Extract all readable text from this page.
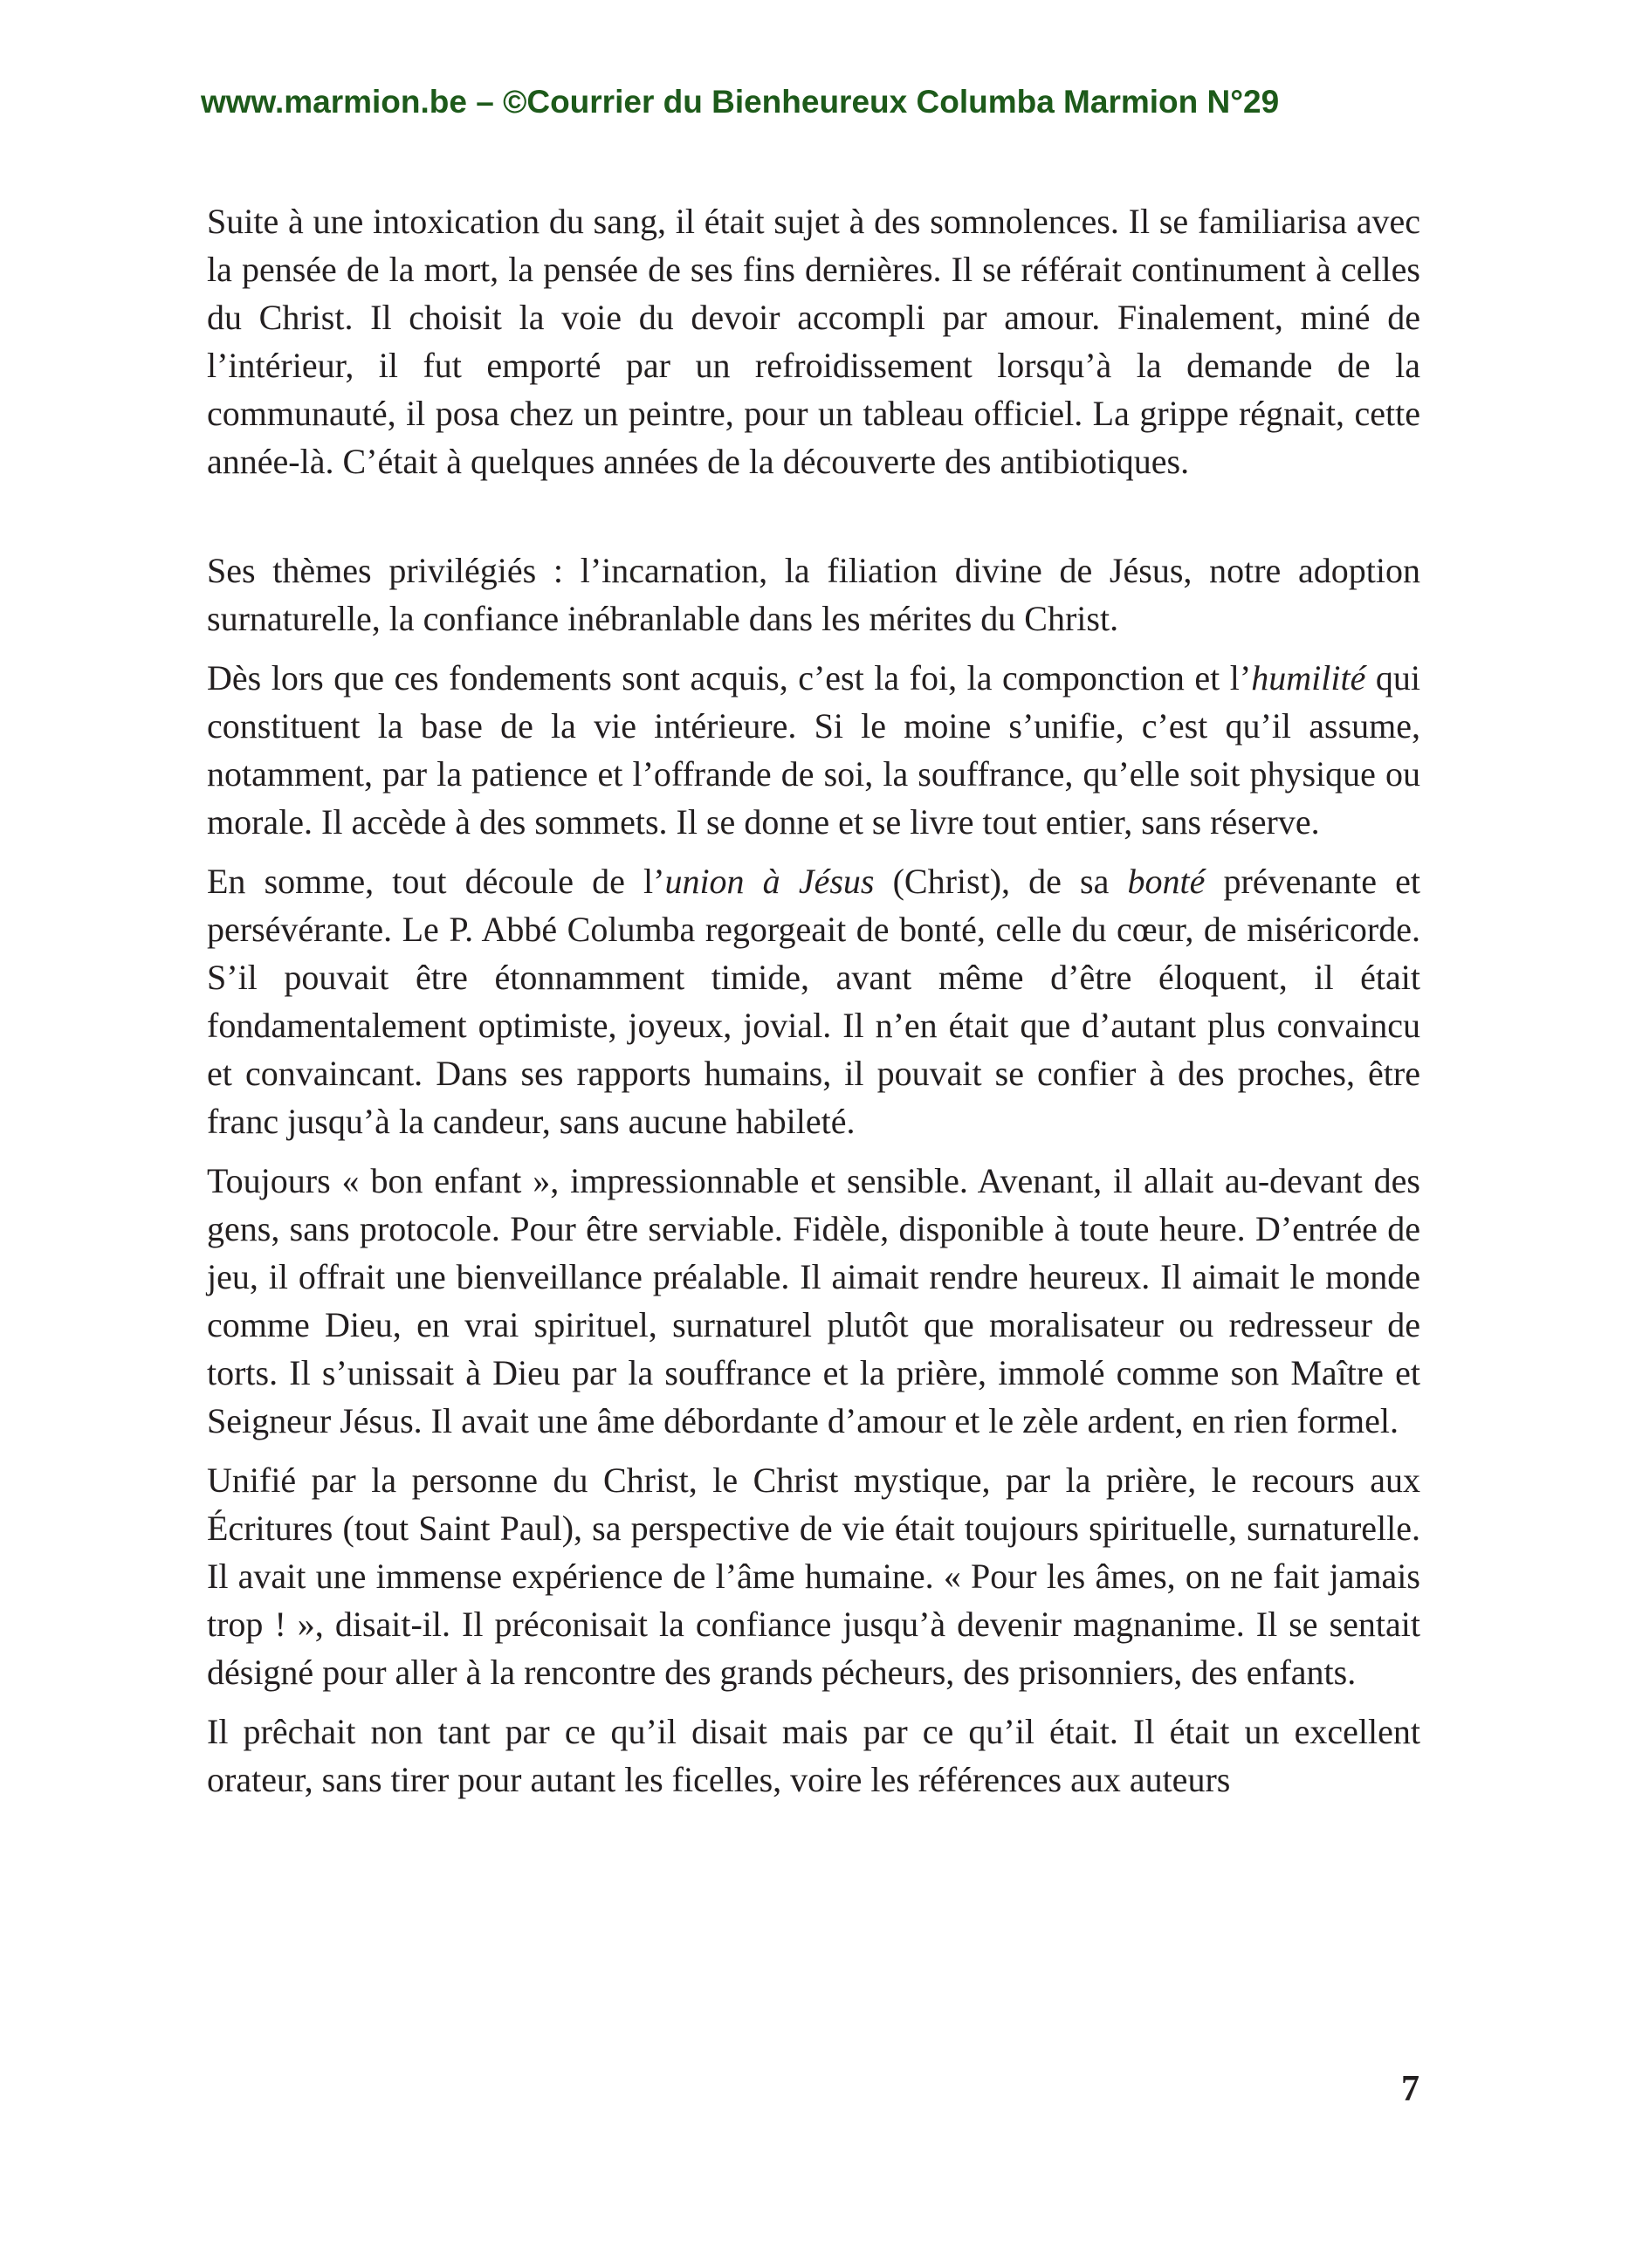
www.marmion.be – ©Courrier du Bienheureux Columba Marmion N°29

Suite à une intoxication du sang, il était sujet à des somnolences. Il se familiarisa avec la pensée de la mort, la pensée de ses fins dernières. Il se référait continument à celles du Christ. Il choisit la voie du devoir accompli par amour. Finalement, miné de l’intérieur, il fut emporté par un refroidissement lorsqu’à la demande de la communauté, il posa chez un peintre, pour un tableau officiel. La grippe régnait, cette année-là. C’était à quelques années de la découverte des antibiotiques.

Ses thèmes privilégiés : l’incarnation, la filiation divine de Jésus, notre adoption surnaturelle, la confiance inébranlable dans les mérites du Christ.

Dès lors que ces fondements sont acquis, c’est la foi, la componction et l’humilité qui constituent la base de la vie intérieure. Si le moine s’unifie, c’est qu’il assume, notamment, par la patience et l’offrande de soi, la souffrance, qu’elle soit physique ou morale. Il accède à des sommets. Il se donne et se livre tout entier, sans réserve.

En somme, tout découle de l’union à Jésus (Christ), de sa bonté prévenante et persévérante. Le P. Abbé Columba regorgeait de bonté, celle du cœur, de miséricorde. S’il pouvait être étonnamment timide, avant même d’être éloquent, il était fondamentalement optimiste, joyeux, jovial. Il n’en était que d’autant plus convaincu et convaincant. Dans ses rapports humains, il pouvait se confier à des proches, être franc jusqu’à la candeur, sans aucune habileté.

Toujours « bon enfant », impressionnable et sensible. Avenant, il allait au-devant des gens, sans protocole. Pour être serviable. Fidèle, disponible à toute heure. D’entrée de jeu, il offrait une bienveillance préalable. Il aimait rendre heureux. Il aimait le monde comme Dieu, en vrai spirituel, surnaturel plutôt que moralisateur ou redresseur de torts. Il s’unissait à Dieu par la souffrance et la prière, immolé comme son Maître et Seigneur Jésus. Il avait une âme débordante d’amour et le zèle ardent, en rien formel.

Unifié par la personne du Christ, le Christ mystique, par la prière, le recours aux Écritures (tout Saint Paul), sa perspective de vie était toujours spirituelle, surnaturelle. Il avait une immense expérience de l’âme humaine. « Pour les âmes, on ne fait jamais trop ! », disait-il. Il préconisait la confiance jusqu’à devenir magnanime. Il se sentait désigné pour aller à la rencontre des grands pécheurs, des prisonniers, des enfants.

Il prêchait non tant par ce qu’il disait mais par ce qu’il était. Il était un excellent orateur, sans tirer pour autant les ficelles, voire les références aux auteurs

7
